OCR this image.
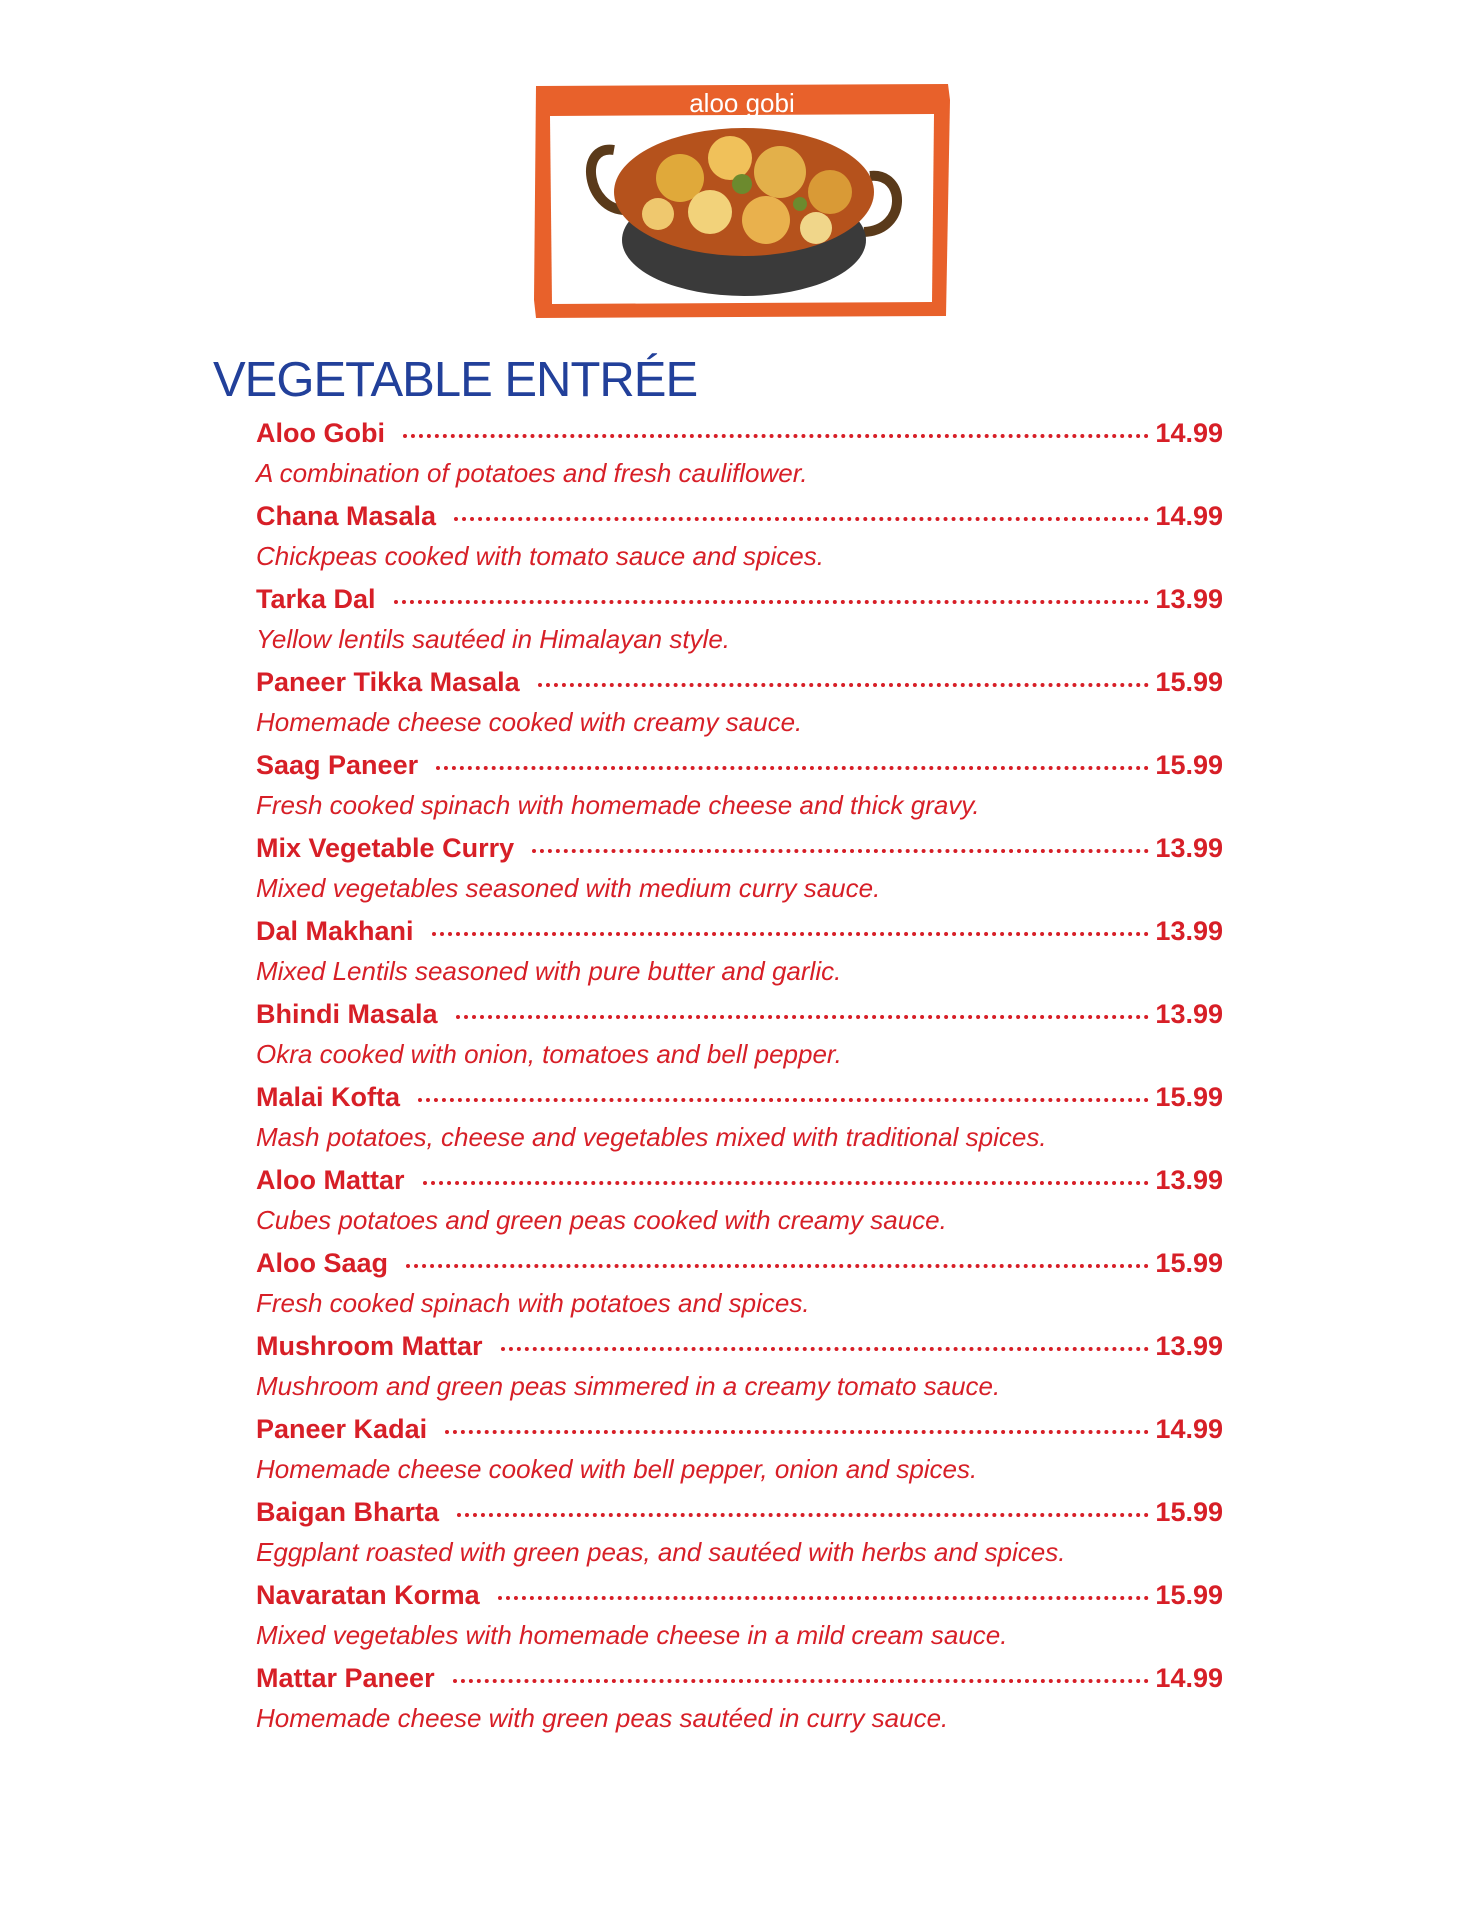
aloo gobi
VEGETABLE ENTRÉE
Aloo Gobi	14.99
A combination of potatoes and fresh cauliflower.
Chana Masala	14.99
Chickpeas cooked with tomato sauce and spices.
Tarka Dal	13.99
Yellow lentils sautéed in Himalayan style.
Paneer Tikka Masala	15.99
Homemade cheese cooked with creamy sauce.
Saag Paneer	15.99
Fresh cooked spinach with homemade cheese and thick gravy.
Mix Vegetable Curry	13.99
Mixed vegetables seasoned with medium curry sauce.
Dal Makhani	13.99
Mixed Lentils seasoned with pure butter and garlic.
Bhindi Masala	13.99
Okra cooked with onion, tomatoes and bell pepper.
Malai Kofta	15.99
Mash potatoes, cheese and vegetables mixed with traditional spices.
Aloo Mattar	13.99
Cubes potatoes and green peas cooked with creamy sauce.
Aloo Saag	15.99
Fresh cooked spinach with potatoes and spices.
Mushroom Mattar	13.99
Mushroom and green peas simmered in a creamy tomato sauce.
Paneer Kadai	14.99
Homemade cheese cooked with bell pepper, onion and spices.
Baigan Bharta	15.99
Eggplant roasted with green peas, and sautéed with herbs and spices.
Navaratan Korma	15.99
Mixed vegetables with homemade cheese in a mild cream sauce.
Mattar Paneer	14.99
Homemade cheese with green peas sautéed in curry sauce.
